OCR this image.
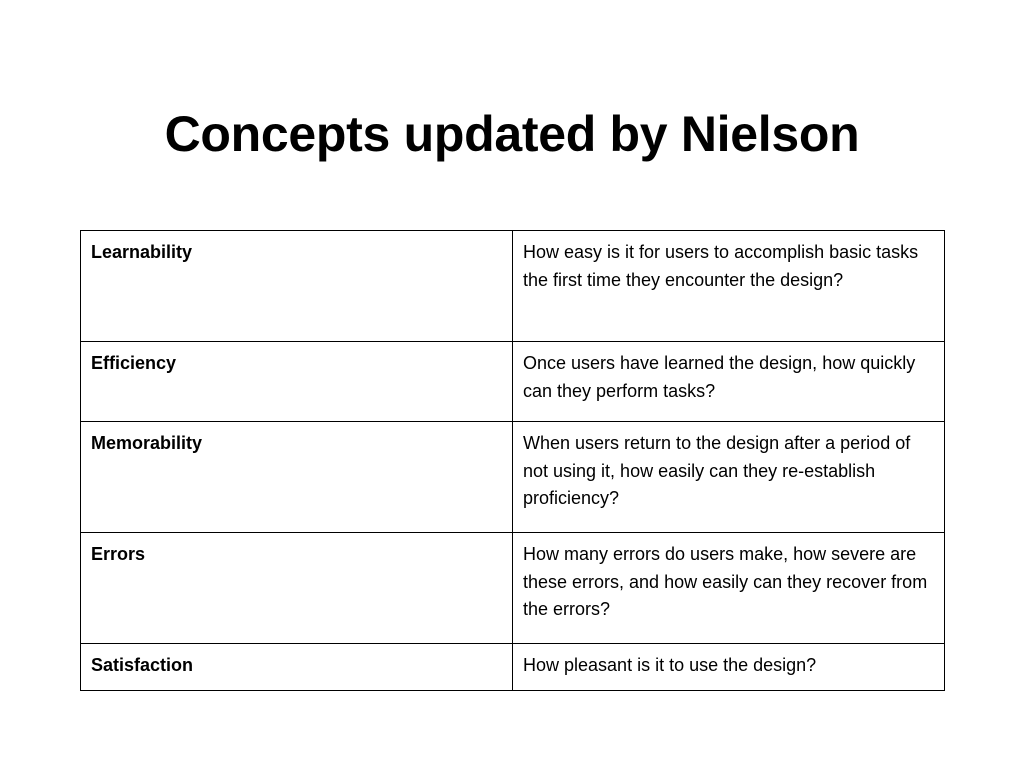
Concepts updated by Nielson
Learnability	How easy is it for users to accomplish basic tasks the first time they encounter the design?
Efficiency	Once users have learned the design, how quickly can they perform tasks?
Memorability	When users return to the design after a period of not using it, how easily can they re-establish proficiency?
Errors	How many errors do users make, how severe are these errors, and how easily can they recover from the errors?
Satisfaction	How pleasant is it to use the design?
